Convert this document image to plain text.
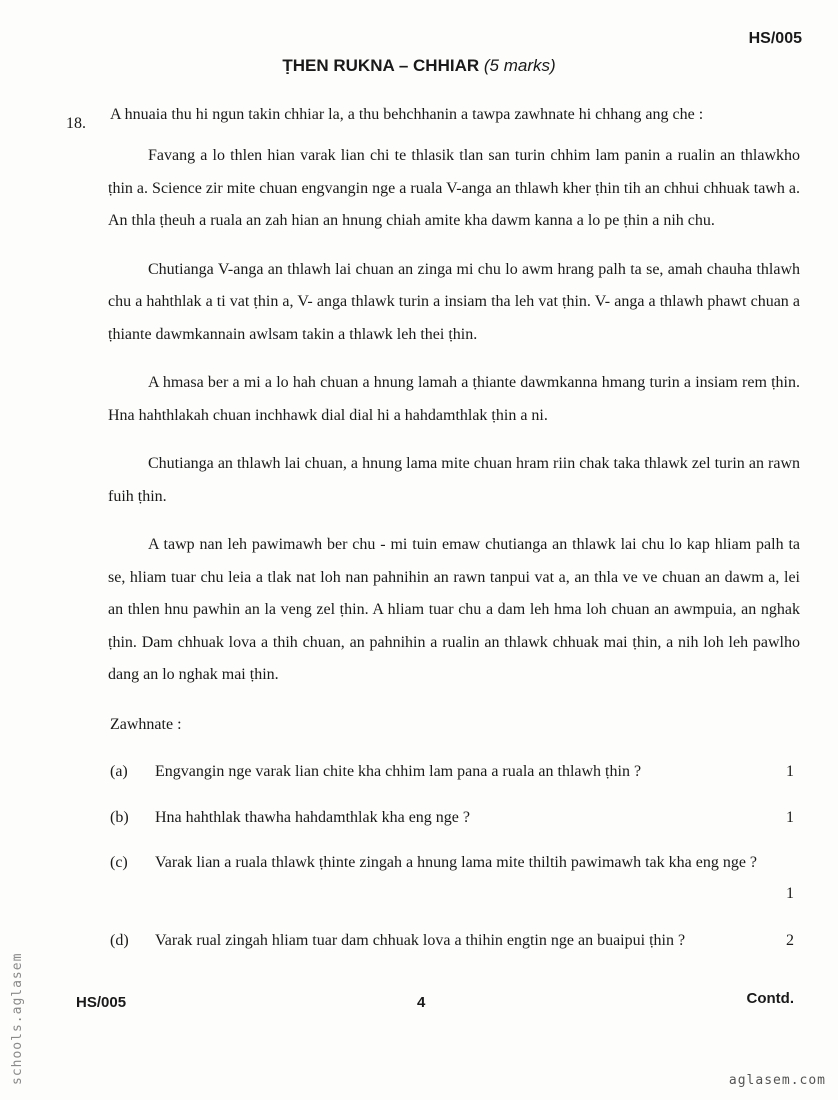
HS/005
ṬHEN RUKNA – CHHIAR (5 marks)
18.
A hnuaia thu hi ngun takin chhiar la, a thu behchhanin a tawpa zawhnate hi chhang ang che :

Favang a lo thlen hian varak lian chi te thlasik tlan san turin chhim lam panin a rualin an thlawkho ṭhin a. Science zir mite chuan engvangin nge a ruala V-anga an thlawh kher ṭhin tih an chhui chhuak tawh a. An thla ṭheuh a ruala an zah hian an hnung chiah amite kha dawm kanna a lo pe ṭhin a nih chu.

Chutianga V-anga an thlawh lai chuan an zinga mi chu lo awm hrang palh ta se, amah chauha thlawh chu a hahthlak a ti vat ṭhin a, V- anga thlawk turin a insiam tha leh vat ṭhin. V- anga a thlawh phawt chuan a ṭhiante dawmkannain awlsam takin a thlawk leh thei ṭhin.

A hmasa ber a mi a lo hah chuan a hnung lamah a ṭhiante dawmkanna hmang turin a insiam rem ṭhin. Hna hahthlakah chuan inchhawk dial dial hi a hahdamthlak ṭhin a ni.

Chutianga an thlawh lai chuan, a hnung lama mite chuan hram riin chak taka thlawk zel turin an rawn fuih ṭhin.

A tawp nan leh pawimawh ber chu - mi tuin emaw chutianga an thlawk lai chu lo kap hliam palh ta se, hliam tuar chu leia a tlak nat loh nan pahnihin an rawn tanpui vat a, an thla ve ve chuan an dawm a, lei an thlen hnu pawhin an la veng zel ṭhin. A hliam tuar chu a dam leh hma loh chuan an awmpuia, an nghak ṭhin. Dam chhuak lova a thih chuan, an pahnihin a rualin an thlawk chhuak mai ṭhin, a nih loh leh pawlho dang an lo nghak mai ṭhin.

Zawhnate :
(a) Engvangin nge varak lian chite kha chhim lam pana a ruala an thlawh ṭhin ?	1
(b) Hna hahthlak thawha hahdamthlak kha eng nge ?	1
(c) Varak lian a ruala thlawk ṭhinte zingah a hnung lama mite thiltih pawimawh tak kha eng nge ?
1
(d) Varak rual zingah hliam tuar dam chhuak lova a thihin engtin nge an buaipui ṭhin ?	2
HS/005	4	Contd.
schools.aglasem	aglasem.com
